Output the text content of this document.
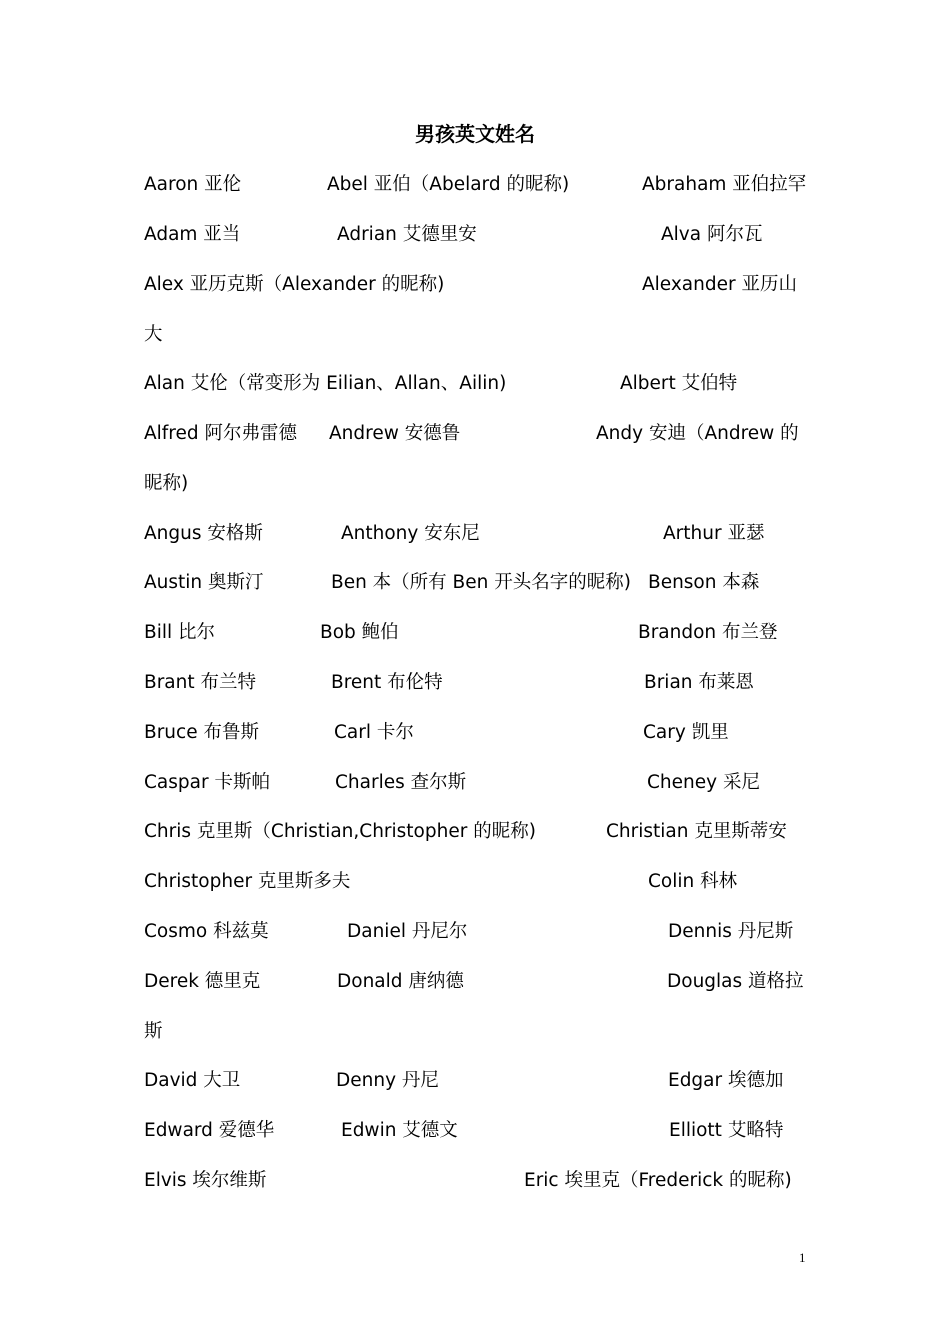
男孩英文姓名
Aaron 亚伦	Abel 亚伯（Abelard 的昵称)	Abraham 亚伯拉罕
Adam 亚当	Adrian 艾德里安	Alva 阿尔瓦
Alex 亚历克斯（Alexander 的昵称)	Alexander 亚历山
大
Alan 艾伦（常变形为 Eilian、Allan、Ailin)	Albert 艾伯特
Alfred 阿尔弗雷德 Andrew 安德鲁	Andy 安迪（Andrew 的
昵称)
Angus 安格斯	Anthony 安东尼	Arthur 亚瑟
Austin 奥斯汀	Ben 本（所有 Ben 开头名字的昵称) Benson 本森
Bill 比尔	Bob 鲍伯	Brandon 布兰登
Brant 布兰特	Brent 布伦特	Brian 布莱恩
Bruce 布鲁斯	Carl 卡尔	Cary 凯里
Caspar 卡斯帕	Charles 查尔斯	Cheney 采尼
Chris 克里斯（Christian,Christopher 的昵称)	Christian 克里斯蒂安
Christopher 克里斯多夫	Colin 科林
Cosmo 科兹莫	Daniel 丹尼尔	Dennis 丹尼斯
Derek 德里克	Donald 唐纳德	Douglas 道格拉
斯
David 大卫	Denny 丹尼	Edgar 埃德加
Edward 爱德华	Edwin 艾德文	Elliott 艾略特
Elvis 埃尔维斯	Eric 埃里克（Frederick 的昵称)
1
